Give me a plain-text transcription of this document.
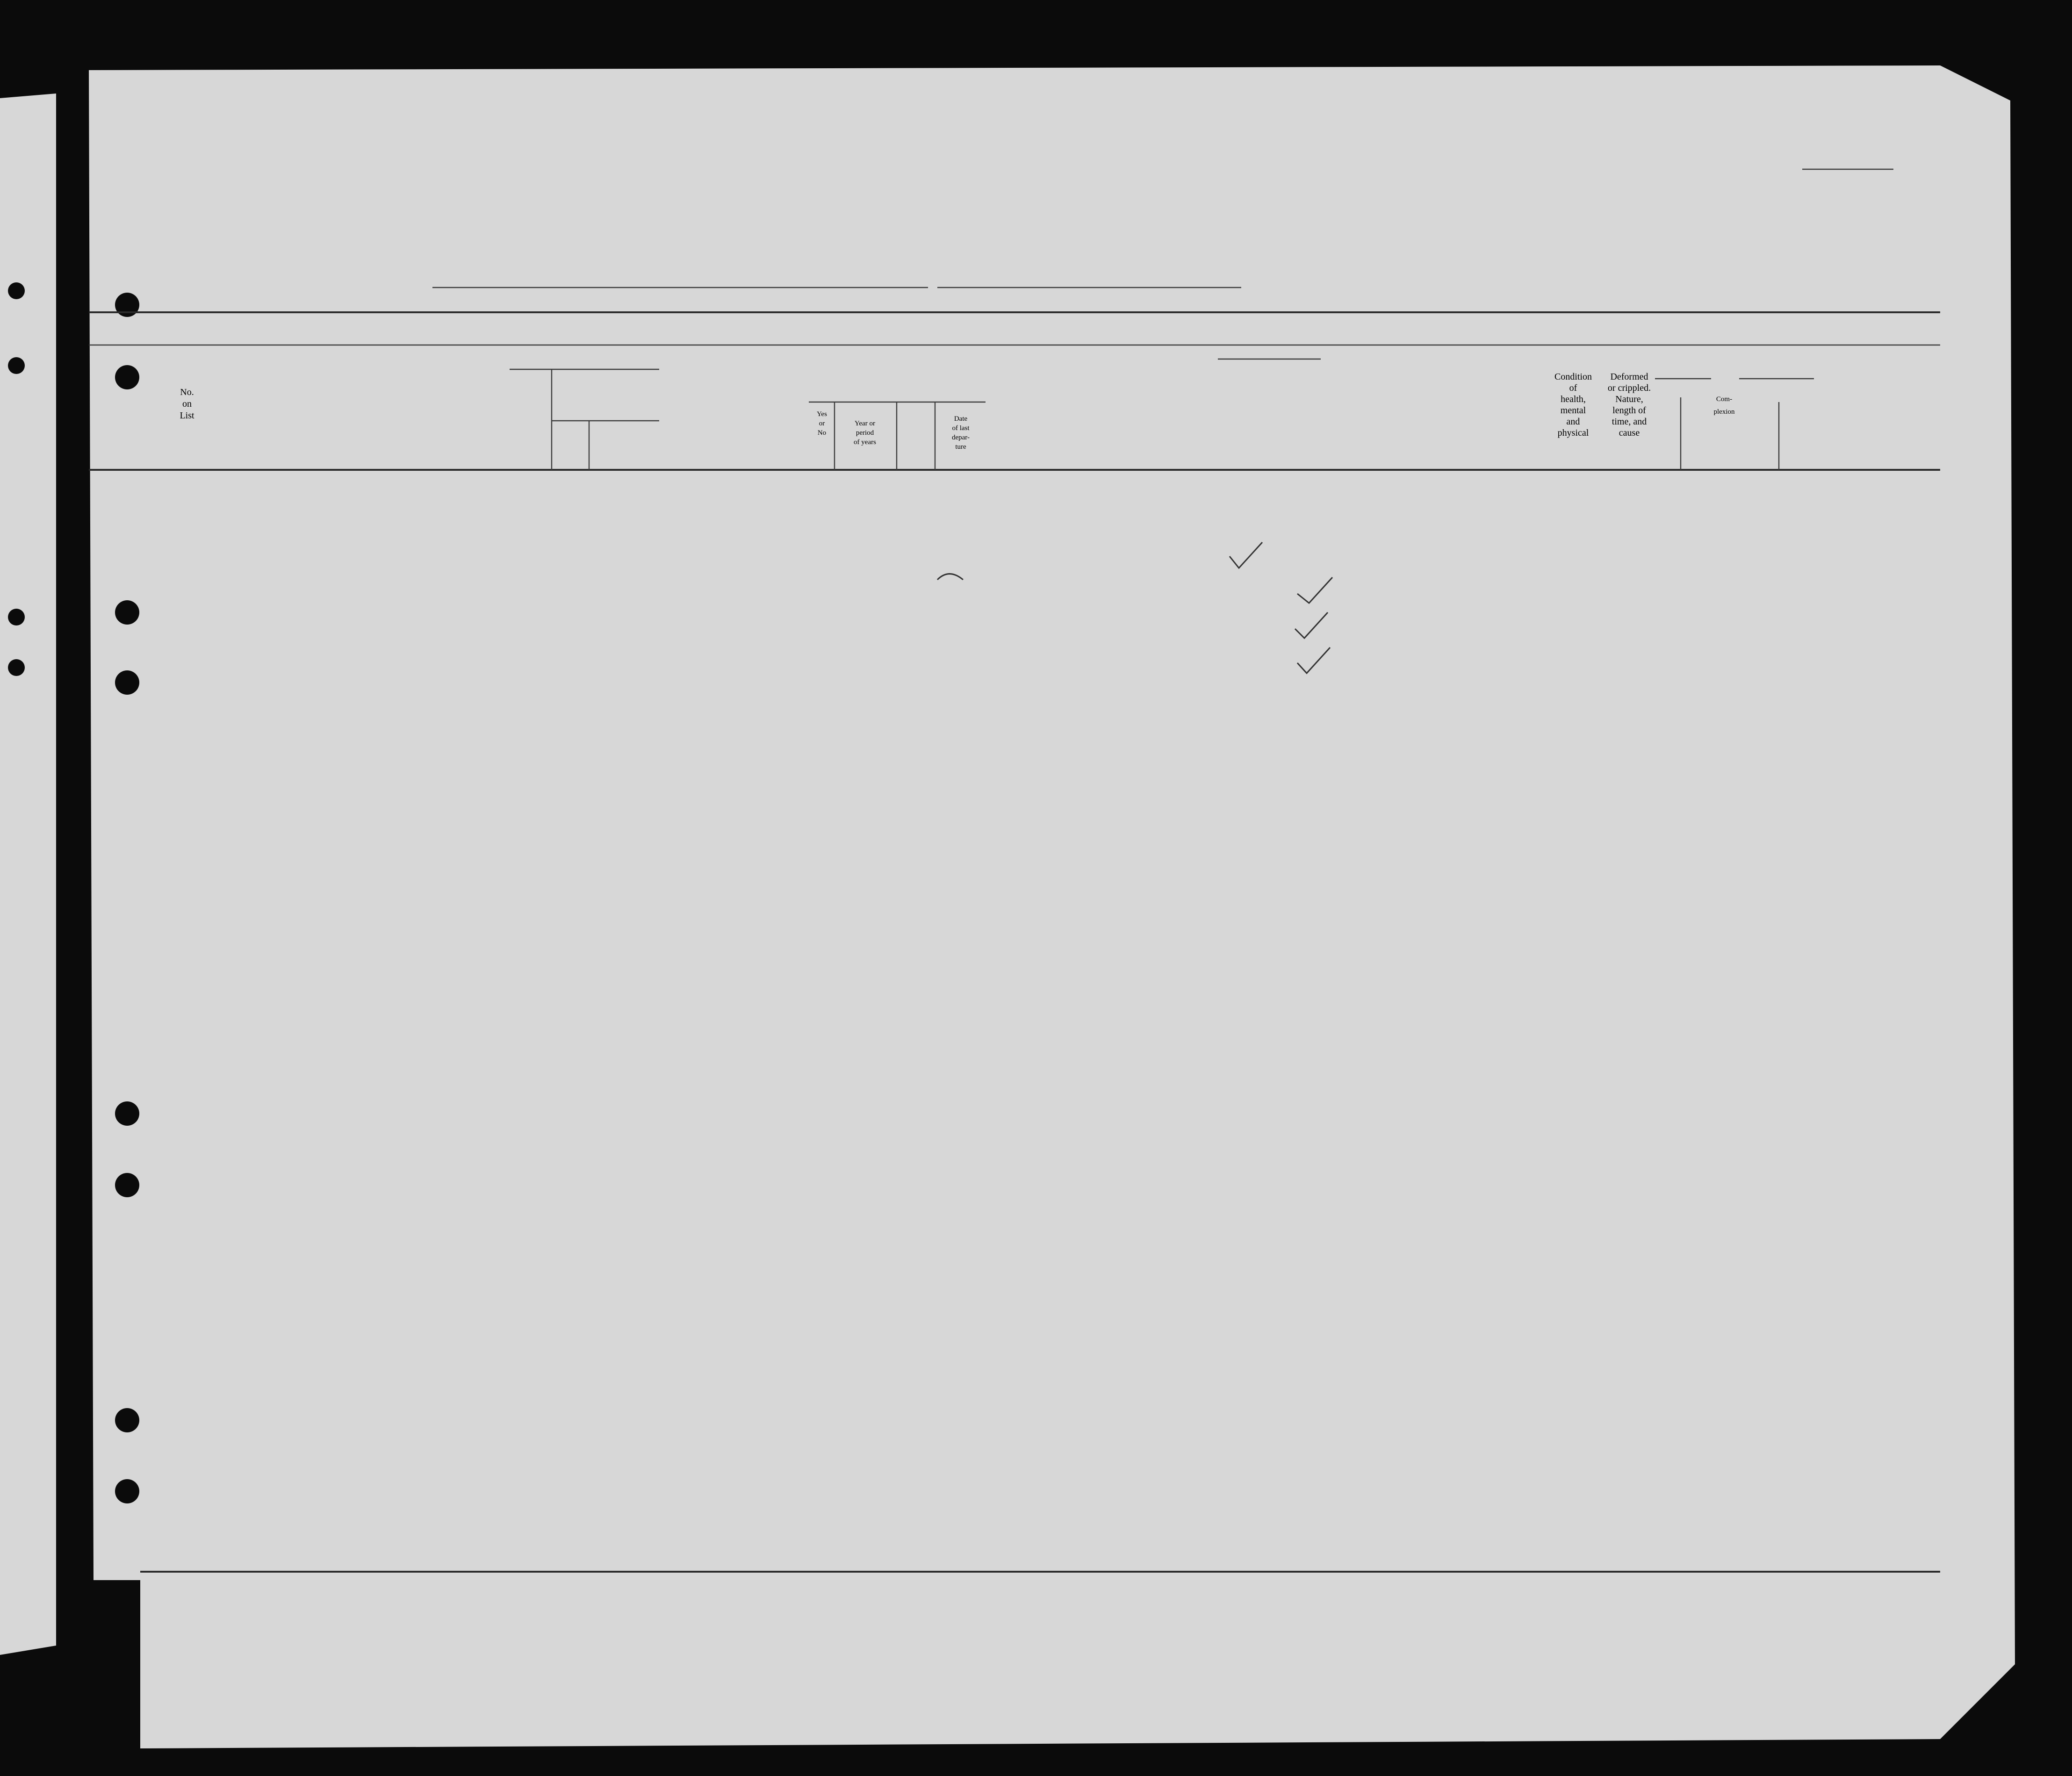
No. on List	Yes or No
Year or period of years
Date of last depar-ture
Condition of health, mental and physical
Deformed or crippled. Nature, length of time, and cause
Com-plexion
